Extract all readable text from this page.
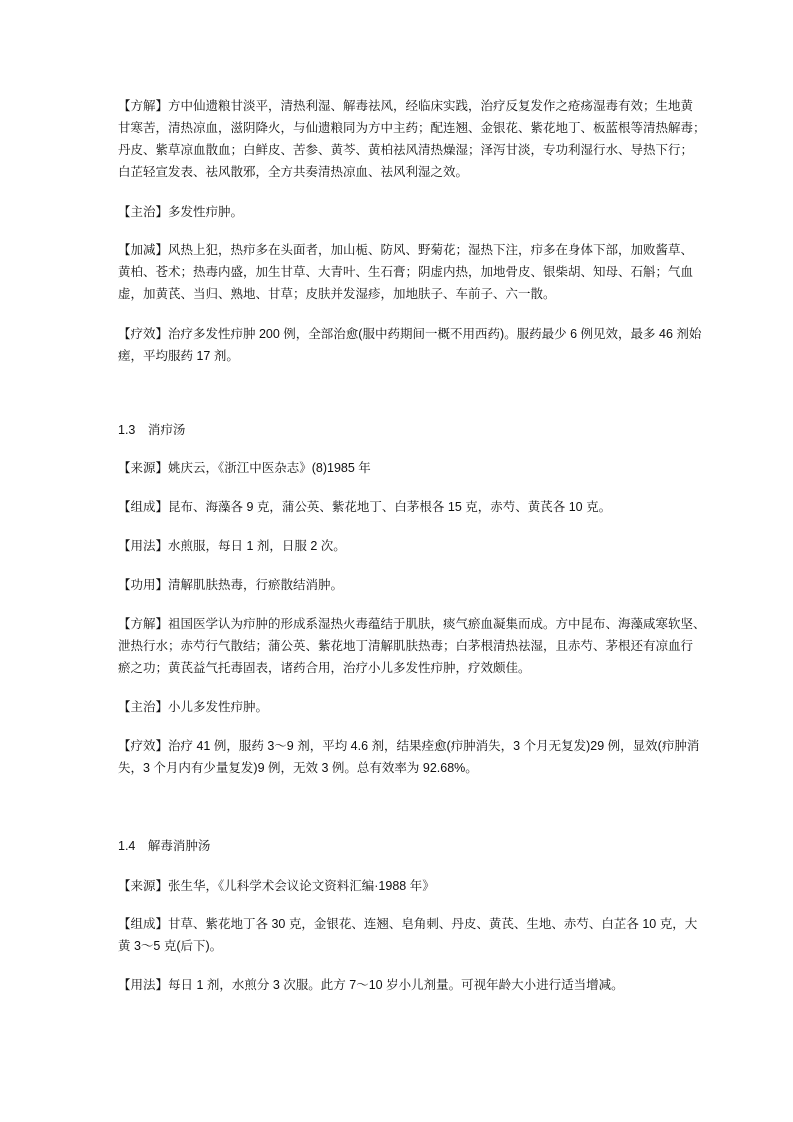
【方解】方中仙遗粮甘淡平，清热利湿、解毒祛风，经临床实践，治疗反复发作之疮疡湿毒有效；生地黄
甘寒苦，清热凉血，滋阴降火，与仙遗粮同为方中主药；配连翘、金银花、紫花地丁、板蓝根等清热解毒；
丹皮、紫草凉血散血；白鲜皮、苦参、黄芩、黄柏祛风清热燥湿；泽泻甘淡，专功利湿行水、导热下行；
白芷轻宣发表、祛风散邪，全方共奏清热凉血、祛风利湿之效。
【主治】多发性疖肿。
【加减】风热上犯，热疖多在头面者，加山栀、防风、野菊花；湿热下注，疖多在身体下部，加败酱草、
黄柏、苍术；热毒内盛，加生甘草、大青叶、生石膏；阴虚内热，加地骨皮、银柴胡、知母、石斛；气血
虚，加黄芪、当归、熟地、甘草；皮肤并发湿疹，加地肤子、车前子、六一散。
【疗效】治疗多发性疖肿 200 例，全部治愈(服中药期间一概不用西药)。服药最少 6 例见效，最多 46 剂始
瘥，平均服药 17 剂。
1.3　消疖汤
【来源】姚庆云，《浙江中医杂志》(8)1985 年
【组成】昆布、海藻各 9 克，蒲公英、紫花地丁、白茅根各 15 克，赤芍、黄芪各 10 克。
【用法】水煎服，每日 1 剂，日服 2 次。
【功用】清解肌肤热毒，行瘀散结消肿。
【方解】祖国医学认为疖肿的形成系湿热火毒蕴结于肌肤，痰气瘀血凝集而成。方中昆布、海藻咸寒软坚、
泄热行水；赤芍行气散结；蒲公英、紫花地丁清解肌肤热毒；白茅根清热祛湿，且赤芍、茅根还有凉血行
瘀之功；黄芪益气托毒固表，诸药合用，治疗小儿多发性疖肿，疗效颇佳。
【主治】小儿多发性疖肿。
【疗效】治疗 41 例，服药 3～9 剂，平均 4.6 剂，结果痊愈(疖肿消失，3 个月无复发)29 例，显效(疖肿消
失，3 个月内有少量复发)9 例，无效 3 例。总有效率为 92.68%。
1.4　解毒消肿汤
【来源】张生华，《儿科学术会议论文资料汇编·1988 年》
【组成】甘草、紫花地丁各 30 克，金银花、连翘、皂角刺、丹皮、黄芪、生地、赤芍、白芷各 10 克，大
黄 3～5 克(后下)。
【用法】每日 1 剂，水煎分 3 次服。此方 7～10 岁小儿剂量。可视年龄大小进行适当增减。
